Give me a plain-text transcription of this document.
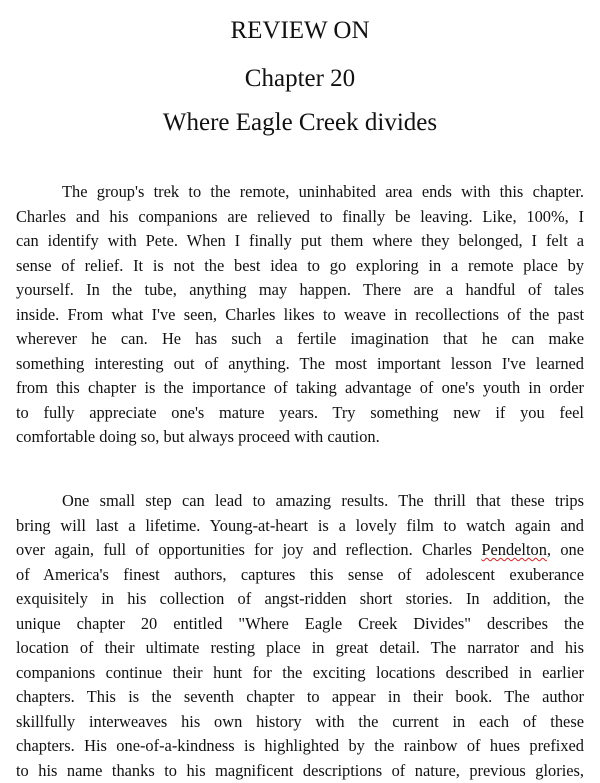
REVIEW ON
Chapter 20
Where Eagle Creek divides

The group's trek to the remote, uninhabited area ends with this chapter.
Charles and his companions are relieved to finally be leaving. Like, 100%, I
can identify with Pete. When I finally put them where they belonged, I felt a
sense of relief. It is not the best idea to go exploring in a remote place by
yourself. In the tube, anything may happen. There are a handful of tales
inside. From what I've seen, Charles likes to weave in recollections of the past
wherever he can. He has such a fertile imagination that he can make
something interesting out of anything. The most important lesson I've learned
from this chapter is the importance of taking advantage of one's youth in order
to fully appreciate one's mature years. Try something new if you feel
comfortable doing so, but always proceed with caution.

One small step can lead to amazing results. The thrill that these trips
bring will last a lifetime. Young-at-heart is a lovely film to watch again and
over again, full of opportunities for joy and reflection. Charles Pendelton, one
of America's finest authors, captures this sense of adolescent exuberance
exquisitely in his collection of angst-ridden short stories. In addition, the
unique chapter 20 entitled "Where Eagle Creek Divides" describes the
location of their ultimate resting place in great detail. The narrator and his
companions continue their hunt for the exciting locations described in earlier
chapters. This is the seventh chapter to appear in their book. The author
skillfully interweaves his own history with the current in each of these
chapters. His one-of-a-kindness is highlighted by the rainbow of hues prefixed
to his name thanks to his magnificent descriptions of nature, previous glories,
